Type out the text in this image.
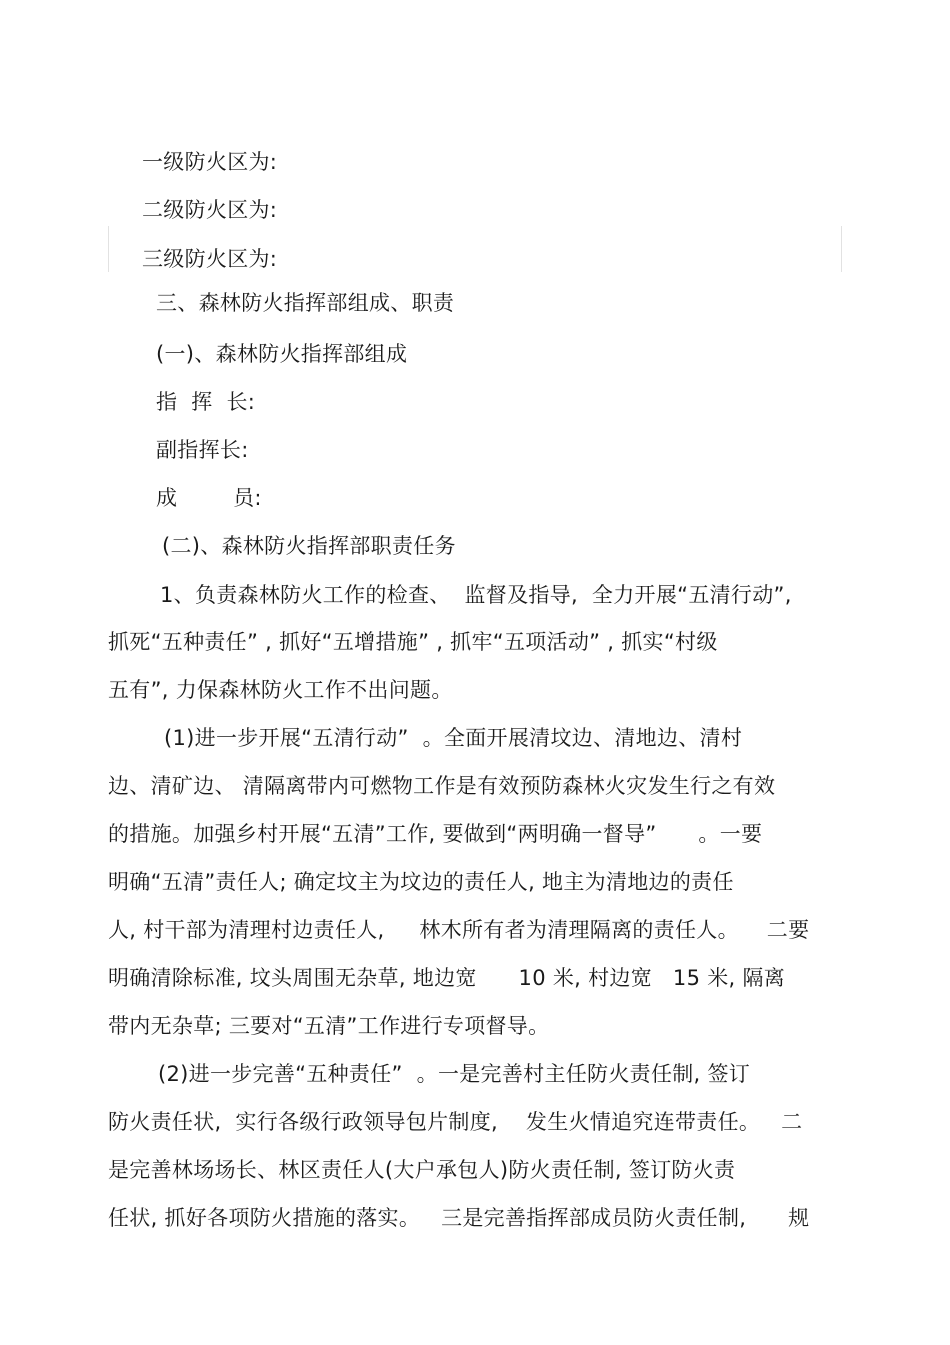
一级防火区为:
二级防火区为:
三级防火区为:
三、森林防火指挥部组成、职责
(一)、森林防火指挥部组成
指  挥  长:
副指挥长:
成        员:
(二)、森林防火指挥部职责任务
1、负责森林防火工作的检查、  监督及指导,  全力开展“五清行动”,
抓死“五种责任” , 抓好“五增措施” , 抓牢“五项活动” , 抓实“村级
五有”, 力保森林防火工作不出问题。
(1)进一步开展“五清行动”  。全面开展清坟边、清地边、清村
边、清矿边、 清隔离带内可燃物工作是有效预防森林火灾发生行之有效
的措施。加强乡村开展“五清”工作, 要做到“两明确一督导”      。一要
明确“五清”责任人; 确定坟主为坟边的责任人, 地主为清地边的责任
人, 村干部为清理村边责任人,     林木所有者为清理隔离的责任人。    二要
明确清除标准, 坟头周围无杂草, 地边宽      10 米, 村边宽   15 米, 隔离
带内无杂草; 三要对“五清”工作进行专项督导。
(2)进一步完善“五种责任”  。一是完善村主任防火责任制, 签订
防火责任状,  实行各级行政领导包片制度,    发生火情追究连带责任。   二
是完善林场场长、林区责任人(大户承包人)防火责任制, 签订防火责
任状, 抓好各项防火措施的落实。   三是完善指挥部成员防火责任制,      规
